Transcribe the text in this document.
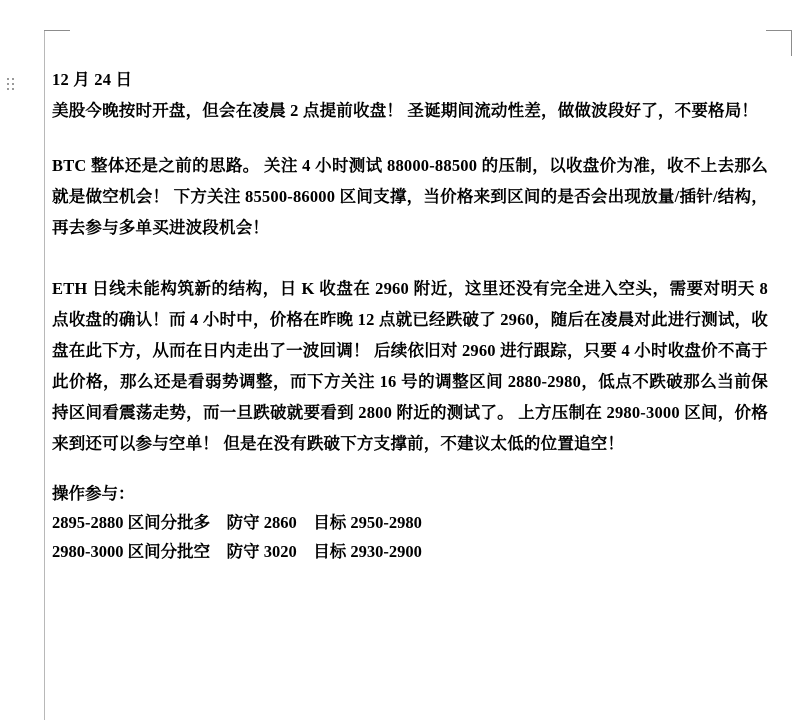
12 月 24 日

美股今晚按时开盘，但会在凌晨 2 点提前收盘！ 圣诞期间流动性差，做做波段好了，不要格局！

BTC 整体还是之前的思路。 关注 4 小时测试 88000-88500 的压制，以收盘价为准，收不上去那么就是做空机会！ 下方关注 85500-86000 区间支撑，当价格来到区间的是否会出现放量/插针/结构，再去参与多单买进波段机会！

ETH 日线未能构筑新的结构，日 K 收盘在 2960 附近，这里还没有完全进入空头，需要对明天 8 点收盘的确认！而 4 小时中，价格在昨晚 12 点就已经跌破了 2960，随后在凌晨对此进行测试，收盘在此下方，从而在日内走出了一波回调！ 后续依旧对 2960 进行跟踪，只要 4 小时收盘价不高于此价格，那么还是看弱势调整，而下方关注 16 号的调整区间 2880-2980，低点不跌破那么当前保持区间看震荡走势，而一旦跌破就要看到 2800 附近的测试了。 上方压制在 2980-3000 区间，价格来到还可以参与空单！ 但是在没有跌破下方支撑前，不建议太低的位置追空！

操作参与：

2895-2880 区间分批多    防守 2860    目标 2950-2980

2980-3000 区间分批空    防守 3020    目标 2930-2900
